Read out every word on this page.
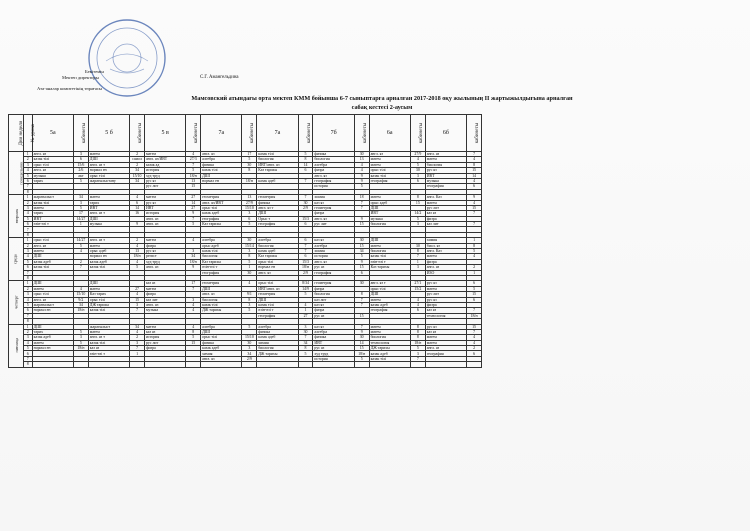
Бекітемін
Мектеп директоры
Ата-аналар комитетінің төрағасы
С.Г. Амангельдина
Мамсовский атындағы орта мектеп КММ бойынша 6-7 сыныптарға арналған 2017-2018 оқу жылының II жартыжылдығына арналған
сабақ кестесі 2-аусым
Дни недели	№ урока	5а	кабинеты	5 б	кабинеты	5 в	кабинеты	7а	кабинеты	7а	кабинеты	7б	кабинеты	6а	кабинеты	6б	кабинеты
понедельник	1	англ. яз	3	матем	2	матем	4	англ. яз	17	казак тілі	5	физика	30	англ. яз	27/9	англ. яз	7
	2	казак тілі	6	ДШІ	самол	англ. яз/ИВТ	27/3	алгебра	5	биология	8	биология	13	матем	4	матем	4
	3	орыс тілі	15/6	англ. яз т	2	казак ад	7	физика	30	ИВТ/англ. яз	14	алгебра	4	матем	5	биология	8
	4	англ. яз	2/6	нормал ен	34	история	5	казак тілі	8	Каз тарихы	6	физра	4	орыс тілі	30	рус яз	15
	5	музыка	акт	орыс тілі	15/10	худ труд	18/н	ДШІ				англ. яз	9	казак тілі	3	ИВТ	14
	6	тарих	5	жаратылыстану	34	рус яз	13	нормал ен	18/н	казак адеб	7	география	9	география	6	музыка	4
	7					рус лит	15					история	5			география	6
	8																
вторник	1	жаратылыст	34	матем	4	матем	27	геометрия	13	геометрия	7	химия	18	матем	8	англ. Каз	9
	2	казак тілі	3	тарих	6	рус яз	14	англ. яз/ИВТ	27/9	физика	30	каз яз	7	орыс адеб	15	матем	4
	3	матем	5	ИВТ	14	ИВТ	27	орыс тілі	15/10	англ. яз т	2/9	геометрия	7	ДШІ		рус лит	15
	4	тарих	17	англ. яз т	16	история	9	казак адеб	3	ДШІ		физра		ИВТ	14/2	каз яз	7
	5	ИВТ	14/27	ДШІ		англ. яз	7	география	6	Орыс т	15/3	англ. яз	9	музыка	5	физра	
	6	өзін-өзі т	1	музыка	9	англ. яз	5	Каз тарихы	5	география	6	рус лит	15	биология	3	каз лит	7
	7																
	8																
среда	1	орыс тілі	14/27	англ. яз т	2	матем	4	алгебра	30	алгебра	6	каз яз	30	ДШІ		химия	1
	2	англ. яз	5	матем	4	физра		орыс адеб	15/14	биология	7	алгебра	15	матем	30	биол. яз	8
	3	матем	4	орыс адеб	13	рус яз	3	казак тілі	3	казак адеб	7	химия	34	биология	8	англ. Каз	5
	4	ДШІ		нормал ен	18/н	регист	34	биология	8	Каз тарихы	6	история	5	казак тілі	7	матем	4
	5	казак адеб	2	казак адеб	4	худ труд	18/н	Каз тарихы	5	орыс тілі	15/3	англ. яз	9	өзін-өзі т	1	физра	
	6	казак тілі	7	казак тілі	5	англ. яз	9	өзін-өзі т	1	нормал ен	18/н	рус яз	15	Каз тарихы	3	англ. яз	2
	7							география	30	англ. яз	2/9	география	6			ИЗО	1
	8																
четверг	1	ДШІ		ДШІ		каз яз	17	геометрия	4	орыс тілі	8/34	геометрия	30	англ. яз т	27/1	рус яз	6
	2	матем	4	матем	27	матем	7	ДШІ		ИВТ/англ. яз	14/9	физра		орыс тілі	15/2	матем	5
	3	орыс тілі	15/10	Каз тарих	4	физра		англ. яз	9/1	геометрия	5	биология	8	ДШІ		рус лит	15
	4	англ. яз	9/2	орыс тілі	15	каз лит	3	биология	8	ДШІ		каз лит	7	матем	4	рус яз	6
	5	жаратылыст	34	ДЖ тарихы	3	англ. яз	4	казак тілі	3	казак тілі	4	каз яз	7	казак адеб	4	физра	
	6	нормал ен	18/н	казак тілі	7	музыка	4	ДЖ тарихы	5	өзін-өзі т	1	физра		география	6	каз яз	7
	7									география	27	рус яз	15			технология	18/н
	8																
пятница	1	ДШІ		жаратылыст	34	матем	4	алгебра	5	алгебра	3	каз яз	7	матем	8	рус яз	15
	2	тарих	5	матем	4	каз яз	8	ДШІ		физика	30	алгебра	9	матем	8	каз яз	7
	3	казак адеб	3	англ. яз т	2	история	5	орыс тілі	15/10	казак адеб	7	физика	30	биология	8	матем	4
	4	матем	5	казак тілі	3	рус лит	15	физика	30	химия	34	ИВТ	14	технология	18/н	матем	4
	5	нормал ен	18/н	каз яз	7	физра		казак адеб	3	биология	8	рус яз	15	ДЖ тарихы	5	англ. яз	2
	6			өзін-өзі т	1			химия	34	ДЖ тарихы	5	худ труд	18/н	казак адеб	3	география	6
	7							англ. яз	2/9			история	5	казак тілі	7		
	8																
